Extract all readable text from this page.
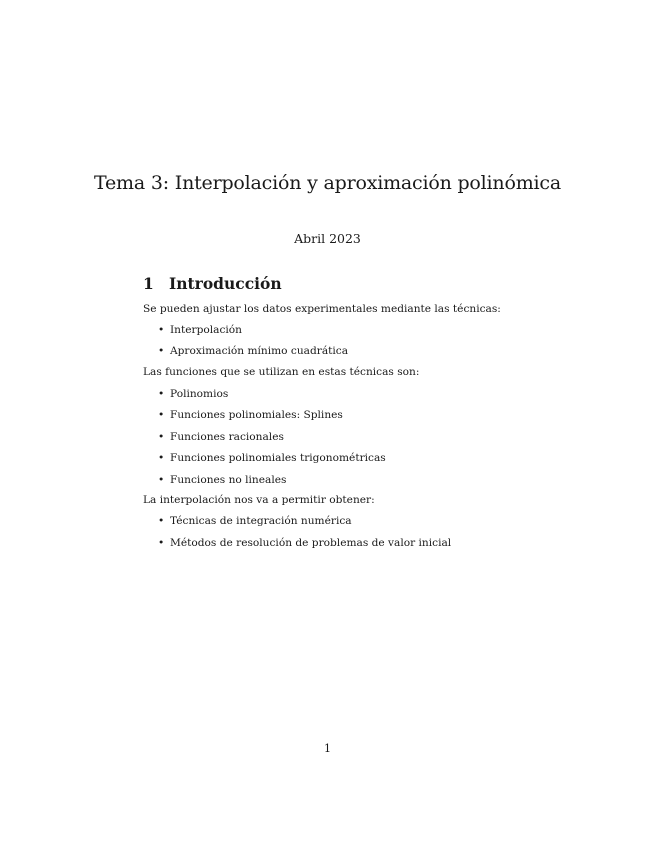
Tema 3: Interpolación y aproximación polinómica
Abril 2023
1 Introducción
Se pueden ajustar los datos experimentales mediante las técnicas:
• Interpolación
• Aproximación mínimo cuadrática
Las funciones que se utilizan en estas técnicas son:
• Polinomios
• Funciones polinomiales: Splines
• Funciones racionales
• Funciones polinomiales trigonométricas
• Funciones no lineales
La interpolación nos va a permitir obtener:
• Técnicas de integración numérica
• Métodos de resolución de problemas de valor inicial
1
